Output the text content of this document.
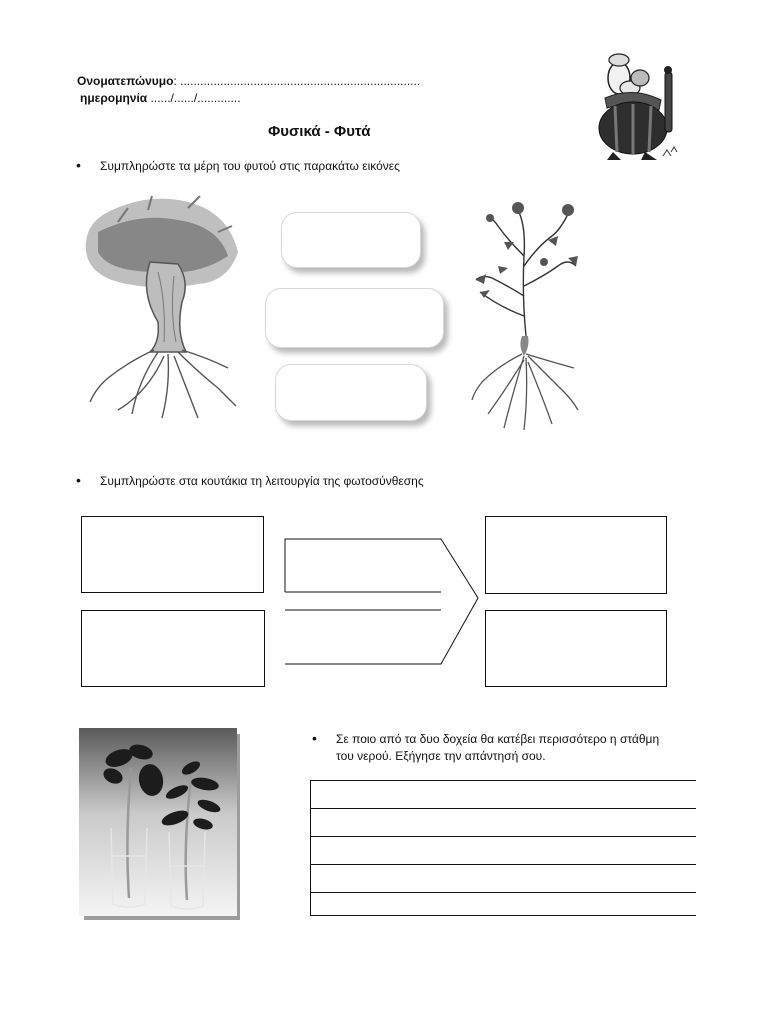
Ονοματεπώνυμο: ........................................................................
ημερομηνία ....../....../.............
Φυσικά - Φυτά
• Συμπληρώστε τα μέρη του φυτού στις παρακάτω εικόνες
• Συμπληρώστε στα κουτάκια τη λειτουργία της φωτοσύνθεσης
• Σε ποιο από τα δυο δοχεία θα κατέβει περισσότερο η στάθμη
του νερού. Εξήγησε την απάντησή σου.
